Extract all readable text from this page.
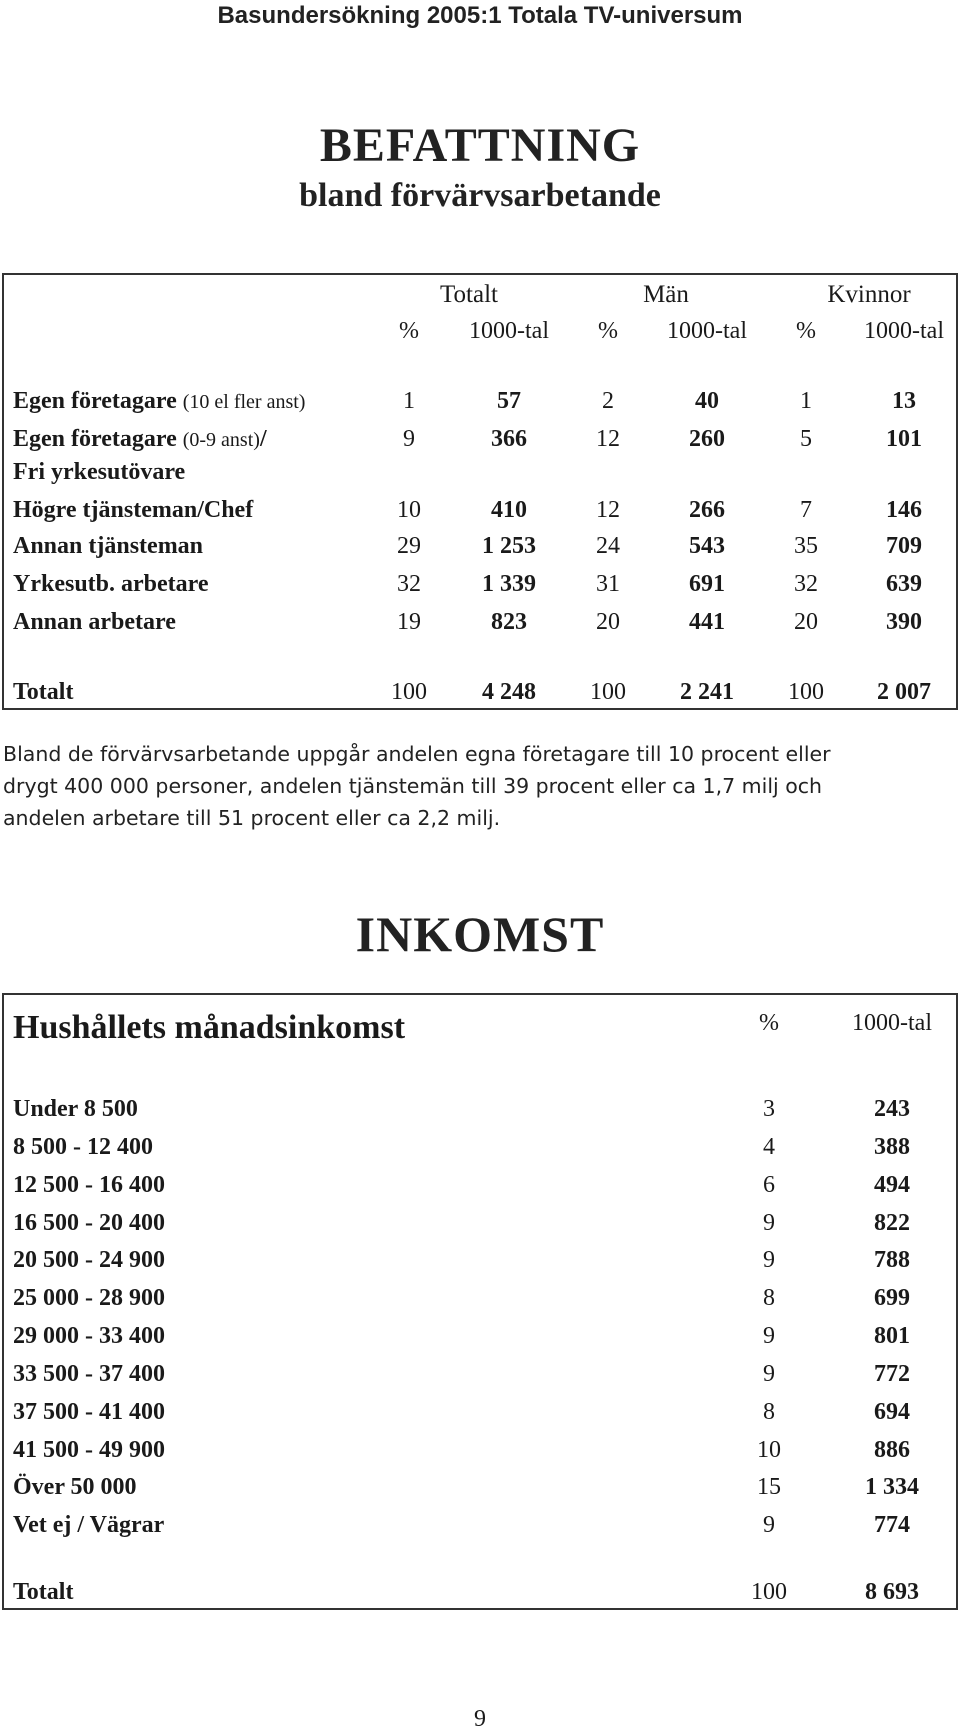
Basundersökning 2005:1 Totala TV-universum
BEFATTNING
bland förvärvsarbetande
Totalt	Män	Kvinnor
%	1000-tal	%	1000-tal	%	1000-tal
Egen företagare (10 el fler anst)	1	57	2	40	1	13
Egen företagare (0-9 anst)/
Fri yrkesutövare
9	366	12	260	5	101
Högre tjänsteman/Chef	10	410	12	266	7	146
Annan tjänsteman	29	1 253	24	543	35	709
Yrkesutb. arbetare	32	1 339	31	691	32	639
Annan arbetare	19	823	20	441	20	390
Totalt	100	4 248	100	2 241	100	2 007
Bland de förvärvsarbetande uppgår andelen egna företagare till 10 procent eller
drygt 400 000 personer, andelen tjänstemän till 39 procent eller ca 1,7 milj och
andelen arbetare till 51 procent eller ca 2,2 milj.
INKOMST
Hushållets månadsinkomst	%	1000-tal
Under 8 500	3	243
8 500 - 12 400	4	388
12 500 - 16 400	6	494
16 500 - 20 400	9	822
20 500 - 24 900	9	788
25 000 - 28 900	8	699
29 000 - 33 400	9	801
33 500 - 37 400	9	772
37 500 - 41 400	8	694
41 500 - 49 900	10	886
Över 50 000	15	1 334
Vet ej / Vägrar	9	774
Totalt	100	8 693
9
